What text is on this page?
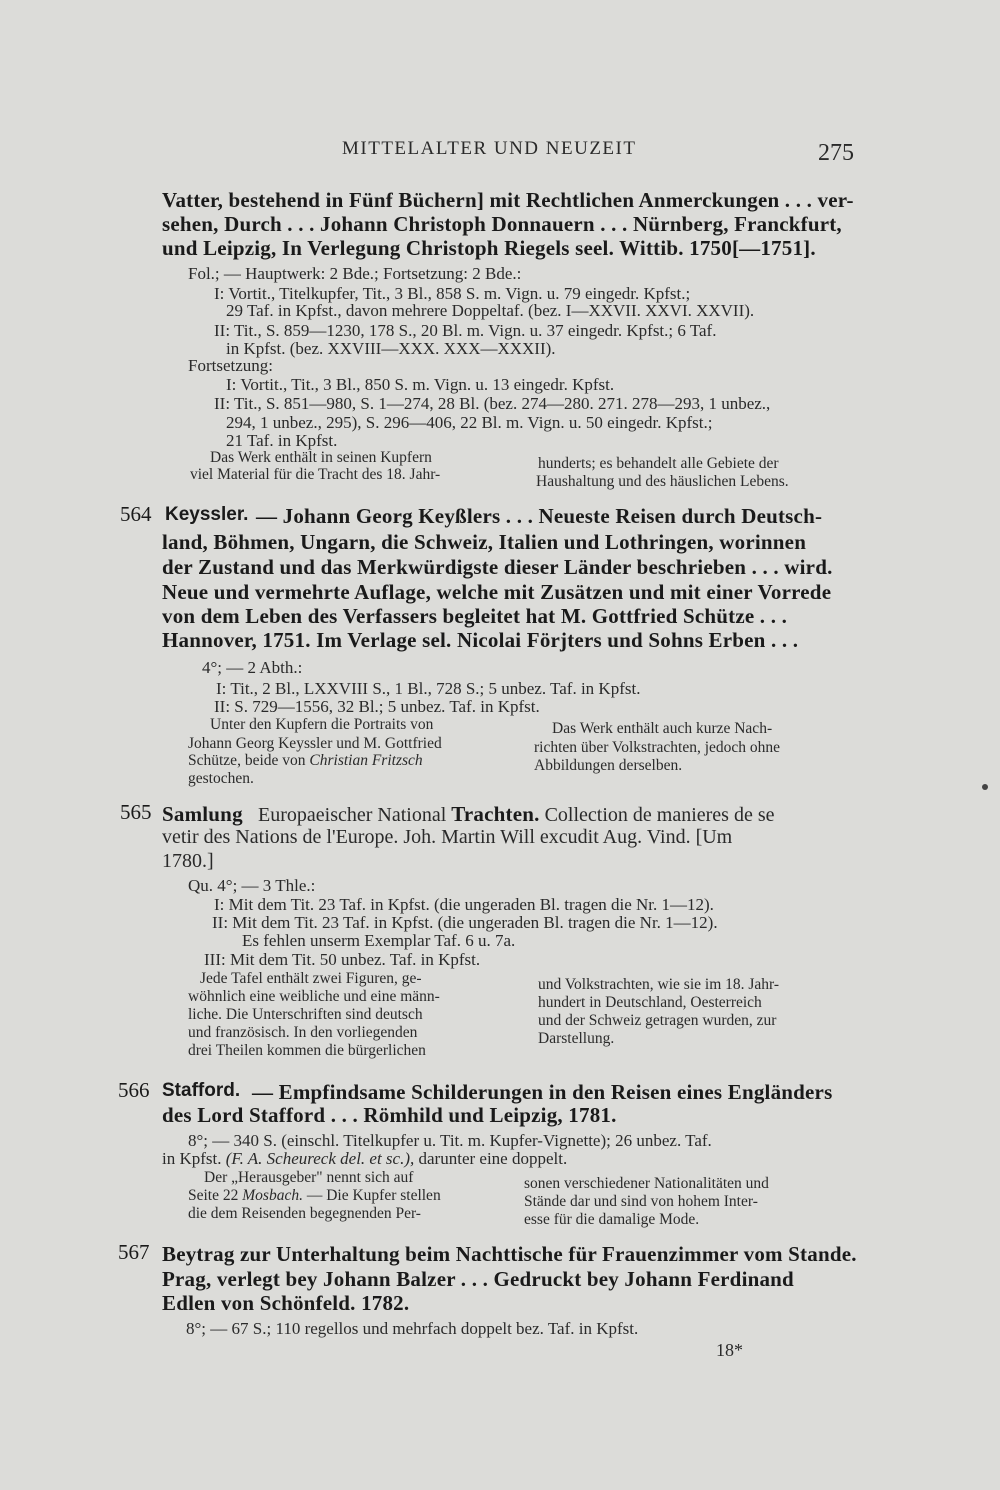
MITTELALTER UND NEUZEIT	275
Vatter, bestehend in Fünf Büchern] mit Rechtlichen Anmerckungen . . . ver-
sehen, Durch . . . Johann Christoph Donnauern . . . Nürnberg, Franckfurt,
und Leipzig, In Verlegung Christoph Riegels seel. Wittib. 1750[—1751].
Fol.; — Hauptwerk: 2 Bde.; Fortsetzung: 2 Bde.:
I: Vortit., Titelkupfer, Tit., 3 Bl., 858 S. m. Vign. u. 79 eingedr. Kpfst.;
29 Taf. in Kpfst., davon mehrere Doppeltaf. (bez. I—XXVII. XXVI. XXVII).
II: Tit., S. 859—1230, 178 S., 20 Bl. m. Vign. u. 37 eingedr. Kpfst.; 6 Taf.
in Kpfst. (bez. XXVIII—XXX. XXX—XXXII).
Fortsetzung:
I: Vortit., Tit., 3 Bl., 850 S. m. Vign. u. 13 eingedr. Kpfst.
II: Tit., S. 851—980, S. 1—274, 28 Bl. (bez. 274—280. 271. 278—293, 1 unbez.,
294, 1 unbez., 295), S. 296—406, 22 Bl. m. Vign. u. 50 eingedr. Kpfst.;
21 Taf. in Kpfst.
Das Werk enthält in seinen Kupfern
viel Material für die Tracht des 18. Jahr-
hunderts; es behandelt alle Gebiete der
Haushaltung und des häuslichen Lebens.
564 Keyssler. — Johann Georg Keyßlers . . . Neueste Reisen durch Deutsch-
land, Böhmen, Ungarn, die Schweiz, Italien und Lothringen, worinnen
der Zustand und das Merkwürdigste dieser Länder beschrieben . . . wird.
Neue und vermehrte Auflage, welche mit Zusätzen und mit einer Vorrede
von dem Leben des Verfassers begleitet hat M. Gottfried Schütze . . .
Hannover, 1751. Im Verlage sel. Nicolai Förjters und Sohns Erben . . .
4°; — 2 Abth.:
I: Tit., 2 Bl., LXXVIII S., 1 Bl., 728 S.; 5 unbez. Taf. in Kpfst.
II: S. 729—1556, 32 Bl.; 5 unbez. Taf. in Kpfst.
Unter den Kupfern die Portraits von
Johann Georg Keyssler und M. Gottfried
Schütze, beide von Christian Fritzsch
gestochen.
Das Werk enthält auch kurze Nach-
richten über Volkstrachten, jedoch ohne
Abbildungen derselben.
565 Samlung Europaeischer National Trachten. Collection de manieres de se
vetir des Nations de l'Europe. Joh. Martin Will excudit Aug. Vind. [Um
1780.]
Qu. 4°; — 3 Thle.:
I: Mit dem Tit. 23 Taf. in Kpfst. (die ungeraden Bl. tragen die Nr. 1—12).
II: Mit dem Tit. 23 Taf. in Kpfst. (die ungeraden Bl. tragen die Nr. 1—12).
Es fehlen unserm Exemplar Taf. 6 u. 7a.
III: Mit dem Tit. 50 unbez. Taf. in Kpfst.
Jede Tafel enthält zwei Figuren, ge-
wöhnlich eine weibliche und eine männ-
liche. Die Unterschriften sind deutsch
und französisch. In den vorliegenden
drei Theilen kommen die bürgerlichen
und Volkstrachten, wie sie im 18. Jahr-
hundert in Deutschland, Oesterreich
und der Schweiz getragen wurden, zur
Darstellung.
566 Stafford. — Empfindsame Schilderungen in den Reisen eines Engländers
des Lord Stafford . . . Römhild und Leipzig, 1781.
8°; — 340 S. (einschl. Titelkupfer u. Tit. m. Kupfer-Vignette); 26 unbez. Taf.
in Kpfst. (F. A. Scheureck del. et sc.), darunter eine doppelt.
Der „Herausgeber" nennt sich auf
Seite 22 Mosbach. — Die Kupfer stellen
die dem Reisenden begegnenden Per-
sonen verschiedener Nationalitäten und
Stände dar und sind von hohem Inter-
esse für die damalige Mode.
567 Beytrag zur Unterhaltung beim Nachttische für Frauenzimmer vom Stande.
Prag, verlegt bey Johann Balzer . . . Gedruckt bey Johann Ferdinand
Edlen von Schönfeld. 1782.
8°; — 67 S.; 110 regellos und mehrfach doppelt bez. Taf. in Kpfst.
18*
